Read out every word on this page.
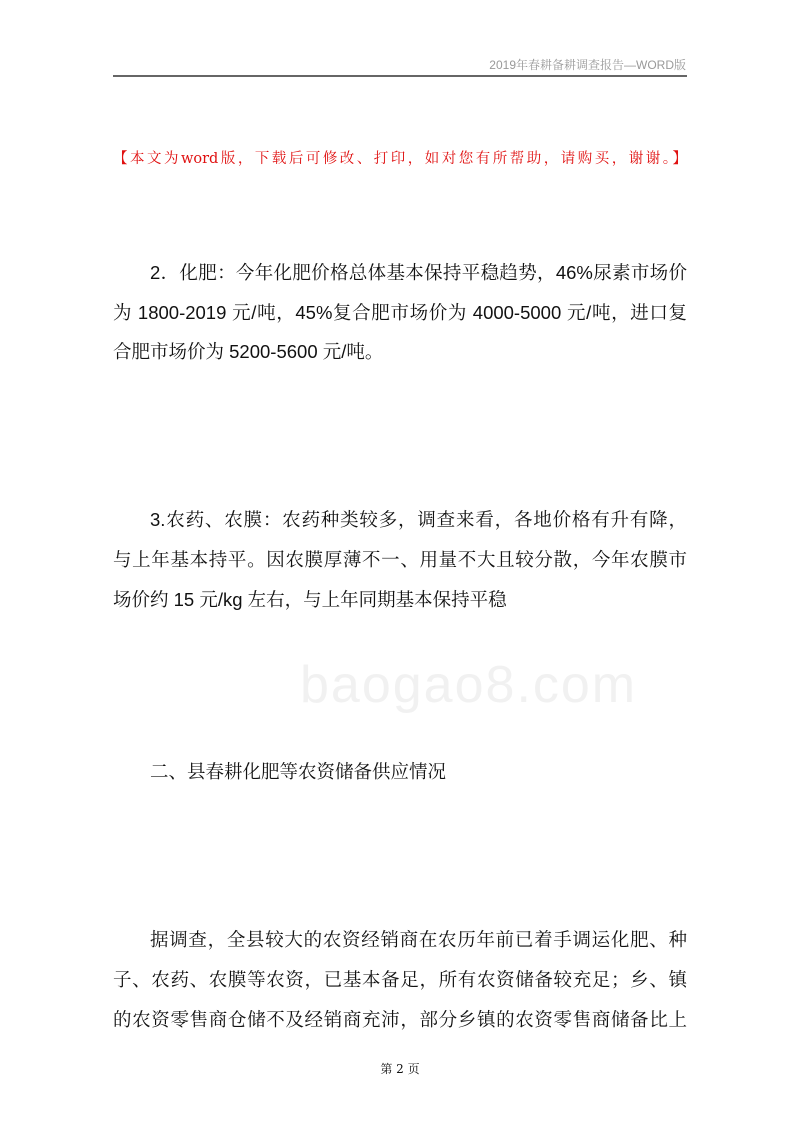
baogao8.com
2019年春耕备耕调查报告—WORD版
【本文为word版，下载后可修改、打印，如对您有所帮助，请购买，谢谢。】
2．化肥：今年化肥价格总体基本保持平稳趋势，46%尿素市场价
为 1800-2019 元/吨，45%复合肥市场价为 4000-5000 元/吨，进口复
合肥市场价为 5200-5600 元/吨。
3.农药、农膜：农药种类较多，调查来看，各地价格有升有降，
与上年基本持平。因农膜厚薄不一、用量不大且较分散，今年农膜市
场价约 15 元/kg 左右，与上年同期基本保持平稳
二、县春耕化肥等农资储备供应情况
据调查，全县较大的农资经销商在农历年前已着手调运化肥、种
子、农药、农膜等农资，已基本备足，所有农资储备较充足；乡、镇
的农资零售商仓储不及经销商充沛，部分乡镇的农资零售商储备比上
第 2 页
